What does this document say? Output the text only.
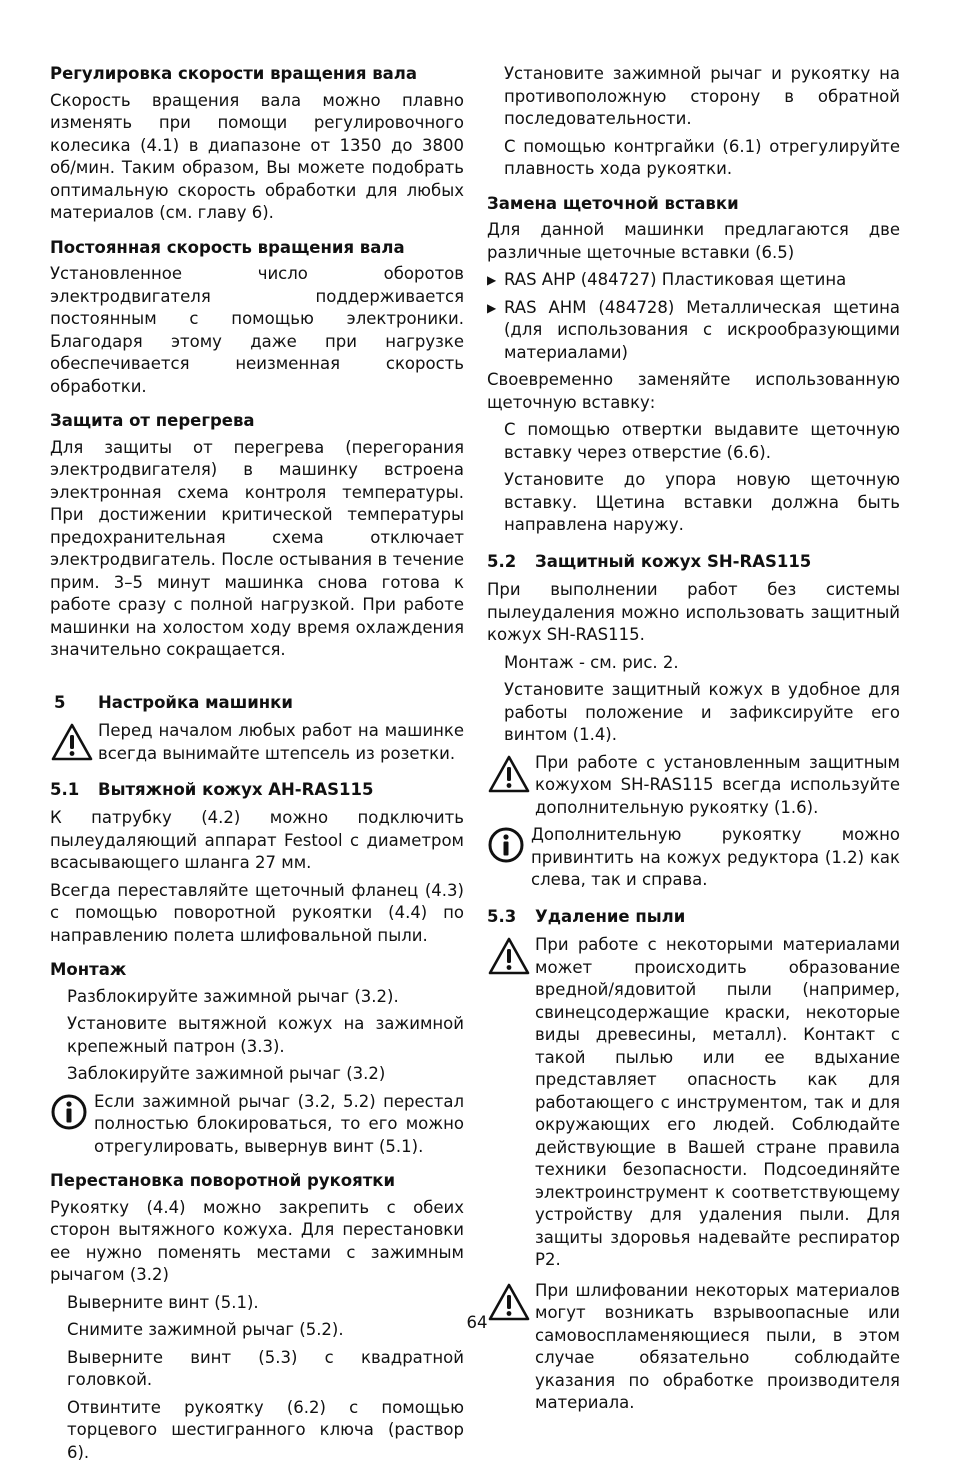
Регулировка скорости вращения вала

Скорость вращения вала можно плавно изменять при помощи регулировочного колесика (4.1) в диапазоне от 1350 до 3800 об/мин. Таким образом, Вы можете подобрать оптимальную скорость обработки для любых материалов (см. главу 6).

Постоянная скорость вращения вала

Установленное число оборотов электродвигателя поддерживается постоянным с помощью электроники. Благодаря этому даже при нагрузке обеспечивается неизменная скорость обработки.

Защита от перегрева

Для защиты от перегрева (перегорания электродвигателя) в машинку встроена электронная схема контроля температуры. При достижении критической температуры предохранительная схема отключает электродвигатель. После остывания в течение прим. 3–5 минут машинка снова готова к работе сразу с полной нагрузкой. При работе машинки на холостом ходу время охлаждения значительно сокращается.

5	Настройка машинки
Перед началом любых работ на машинке всегда вынимайте штепсель из розетки.
5.1	Вытяжной кожух AH-RAS115

К патрубку (4.2) можно подключить пылеудаляющий аппарат Festool с диаметром всасывающего шланга 27 мм.

Всегда переставляйте щеточный фланец (4.3) с помощью поворотной рукоятки (4.4) по направлению полета шлифовальной пыли.

Монтаж

Разблокируйте зажимной рычаг (3.2).

Установите вытяжной кожух на зажимной крепежный патрон (3.3).

Заблокируйте зажимной рычаг (3.2)

Если зажимной рычаг (3.2, 5.2) перестал полностью блокироваться, то его можно отрегулировать, вывернув винт (5.1).
Перестановка поворотной рукоятки

Рукоятку (4.4) можно закрепить с обеих сторон вытяжного кожуха. Для перестановки ее нужно поменять местами с зажимным рычагом (3.2)

Выверните винт (5.1).

Снимите зажимной рычаг (5.2).

Выверните винт (5.3) с квадратной головкой.

Отвинтите рукоятку (6.2) с помощью торцевого шестигранного ключа (раствор 6).

Установите зажимной рычаг и рукоятку на противоположную сторону в обратной последовательности.

С помощью контргайки (6.1) отрегулируйте плавность хода рукоятки.

Замена щеточной вставки

Для данной машинки предлагаются две различные щеточные вставки (6.5)

▶ RAS AHP (484727) Пластиковая щетина
▶ RAS AHM (484728) Металлическая щетина (для использования с искрообразующими материалами)

Своевременно заменяйте использованную щеточную вставку:

С помощью отвертки выдавите щеточную вставку через отверстие (6.6).

Установите до упора новую щеточную вставку. Щетина вставки должна быть направлена наружу.

5.2	Защитный кожух SH-RAS115

При выполнении работ без системы пылеудаления можно использовать защитный кожух SH-RAS115.

Монтаж - см. рис. 2.

Установите защитный кожух в удобное для работы положение и зафиксируйте его винтом (1.4).

При работе с установленным защитным кожухом SH-RAS115 всегда используйте дополнительную рукоятку (1.6).
Дополнительную рукоятку можно привинтить на кожух редуктора (1.2) как слева, так и справа.
5.3	Удаление пыли
При работе с некоторыми материалами может происходить образование вредной/ядовитой пыли (например, свинецсодержащие краски, некоторые виды древесины, металл). Контакт с такой пылью или ее вдыхание представляет опасность как для работающего с инструментом, так и для окружающих его людей. Соблюдайте действующие в Вашей стране правила техники безопасности. Подсоединяйте электроинструмент к соответствующему устройству для удаления пыли. Для защиты здоровья надевайте респиратор P2.
При шлифовании некоторых материалов могут возникать взрывоопасные или самовоспламеняющиеся пыли, в этом случае обязательно соблюдайте указания по обработке производителя материала.
64
